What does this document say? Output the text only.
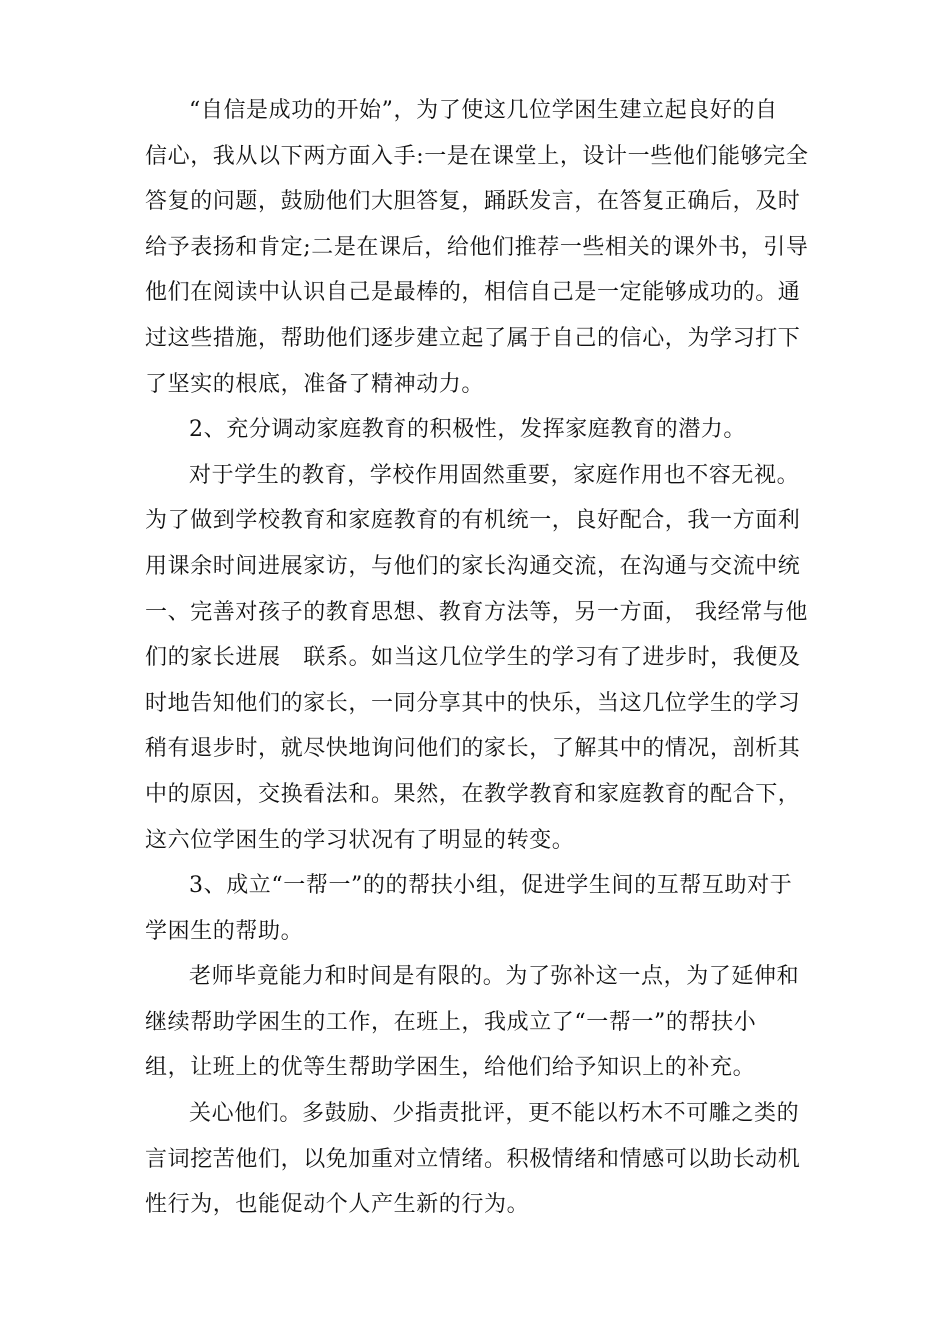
“自信是成功的开始”，为了使这几位学困生建立起良好的自
信心，我从以下两方面入手:一是在课堂上，设计一些他们能够完全
答复的问题，鼓励他们大胆答复，踊跃发言，在答复正确后，及时
给予表扬和肯定;二是在课后，给他们推荐一些相关的课外书，引导
他们在阅读中认识自己是最棒的，相信自己是一定能够成功的。通
过这些措施，帮助他们逐步建立起了属于自己的信心，为学习打下
了坚实的根底，准备了精神动力。
2、充分调动家庭教育的积极性，发挥家庭教育的潜力。
对于学生的教育，学校作用固然重要，家庭作用也不容无视。
为了做到学校教育和家庭教育的有机统一，良好配合，我一方面利
用课余时间进展家访，与他们的家长沟通交流，在沟通与交流中统
一、完善对孩子的教育思想、教育方法等，另一方面， 我经常与他
们的家长进展   联系。如当这几位学生的学习有了进步时，我便及
时地告知他们的家长，一同分享其中的快乐，当这几位学生的学习
稍有退步时，就尽快地询问他们的家长，了解其中的情况，剖析其
中的原因，交换看法和。果然，在教学教育和家庭教育的配合下，
这六位学困生的学习状况有了明显的转变。
3、成立“一帮一”的的帮扶小组，促进学生间的互帮互助对于
学困生的帮助。
老师毕竟能力和时间是有限的。为了弥补这一点，为了延伸和
继续帮助学困生的工作，在班上，我成立了“一帮一”的帮扶小
组，让班上的优等生帮助学困生，给他们给予知识上的补充。
关心他们。多鼓励、少指责批评，更不能以朽木不可雕之类的
言词挖苦他们，以免加重对立情绪。积极情绪和情感可以助长动机
性行为，也能促动个人产生新的行为。
